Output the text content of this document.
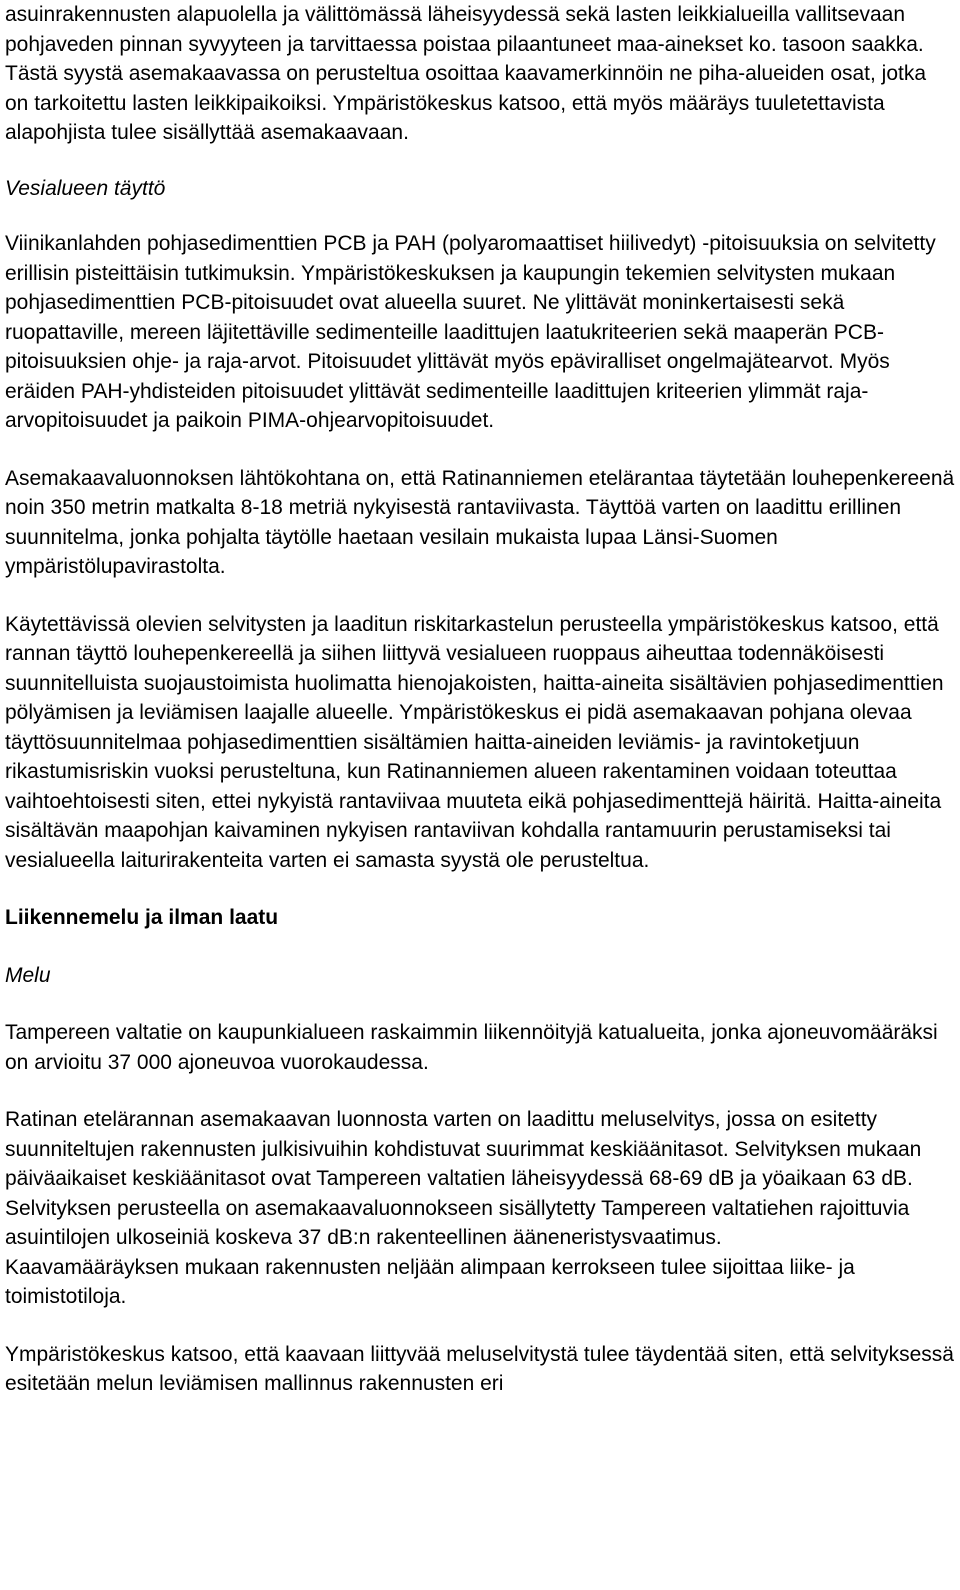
asuinrakennusten alapuolella ja välittömässä läheisyydessä sekä lasten leikkialueilla vallitsevaan pohjaveden pinnan syvyyteen ja tarvittaessa poistaa pilaantuneet maa-ainekset ko. tasoon saakka. Tästä syystä asemakaavassa on perusteltua osoittaa kaavamerkinnöin ne piha-alueiden osat, jotka on tarkoitettu lasten leikkipaikoiksi. Ympäristökeskus katsoo, että myös määräys tuuletettavista alapohjista tulee sisällyttää asemakaavaan.

Vesialueen täyttö

Viinikanlahden pohjasedimenttien PCB ja PAH (polyaromaattiset hiilivedyt) -pitoisuuksia on selvitetty erillisin pisteittäisin tutkimuksin. Ympäristökeskuksen ja kaupungin tekemien selvitysten mukaan pohjasedimenttien PCB-pitoisuudet ovat alueella suuret. Ne ylittävät moninkertaisesti sekä ruopattaville, mereen läjitettäville sedimenteille laadittujen laatukriteerien sekä maaperän PCB-pitoisuuksien ohje- ja raja-arvot. Pitoisuudet ylittävät myös epäviralliset ongelmajätearvot. Myös eräiden PAH-yhdisteiden pitoisuudet ylittävät sedimenteille laadittujen kriteerien ylimmät raja-arvopitoisuudet ja paikoin PIMA-ohjearvopitoisuudet.

Asemakaavaluonnoksen lähtökohtana on, että Ratinanniemen etelärantaa täytetään louhepenkereenä noin 350 metrin matkalta 8-18 metriä nykyisestä rantaviivasta. Täyttöä varten on laadittu erillinen suunnitelma, jonka pohjalta täytölle haetaan vesilain mukaista lupaa Länsi-Suomen ympäristölupavirastolta.

Käytettävissä olevien selvitysten ja laaditun riskitarkastelun perusteella ympäristökeskus katsoo, että rannan täyttö louhepenkereellä ja siihen liittyvä vesialueen ruoppaus aiheuttaa todennäköisesti suunnitelluista suojaustoimista huolimatta hienojakoisten, haitta-aineita sisältävien pohjasedimenttien pölyämisen ja leviämisen laajalle alueelle. Ympäristökeskus ei pidä asemakaavan pohjana olevaa täyttösuunnitelmaa pohjasedimenttien sisältämien haitta-aineiden leviämis- ja ravintoketjuun rikastumisriskin vuoksi perusteltuna, kun Ratinanniemen alueen rakentaminen voidaan toteuttaa vaihtoehtoisesti siten, ettei nykyistä rantaviivaa muuteta eikä pohjasedimenttejä häiritä. Haitta-aineita sisältävän maapohjan kaivaminen nykyisen rantaviivan kohdalla rantamuurin perustamiseksi tai vesialueella laiturirakenteita varten ei samasta syystä ole perusteltua.

Liikennemelu ja ilman laatu

Melu

Tampereen valtatie on kaupunkialueen raskaimmin liikennöityjä katualueita, jonka ajoneuvomääräksi on arvioitu 37 000 ajoneuvoa vuorokaudessa.

Ratinan etelärannan asemakaavan luonnosta varten on laadittu meluselvitys, jossa on esitetty suunniteltujen rakennusten julkisivuihin kohdistuvat suurimmat keskiäänitasot. Selvityksen mukaan päiväaikaiset keskiäänitasot ovat Tampereen valtatien läheisyydessä 68-69 dB ja yöaikaan 63 dB. Selvityksen perusteella on asemakaavaluonnokseen sisällytetty Tampereen valtatiehen rajoittuvia asuintilojen ulkoseiniä koskeva 37 dB:n rakenteellinen ääneneristysvaatimus.

Kaavamääräyksen mukaan rakennusten neljään alimpaan kerrokseen tulee sijoittaa liike- ja toimistotiloja.

Ympäristökeskus katsoo, että kaavaan liittyvää meluselvitystä tulee täydentää siten, että selvityksessä esitetään melun leviämisen mallinnus rakennusten eri
